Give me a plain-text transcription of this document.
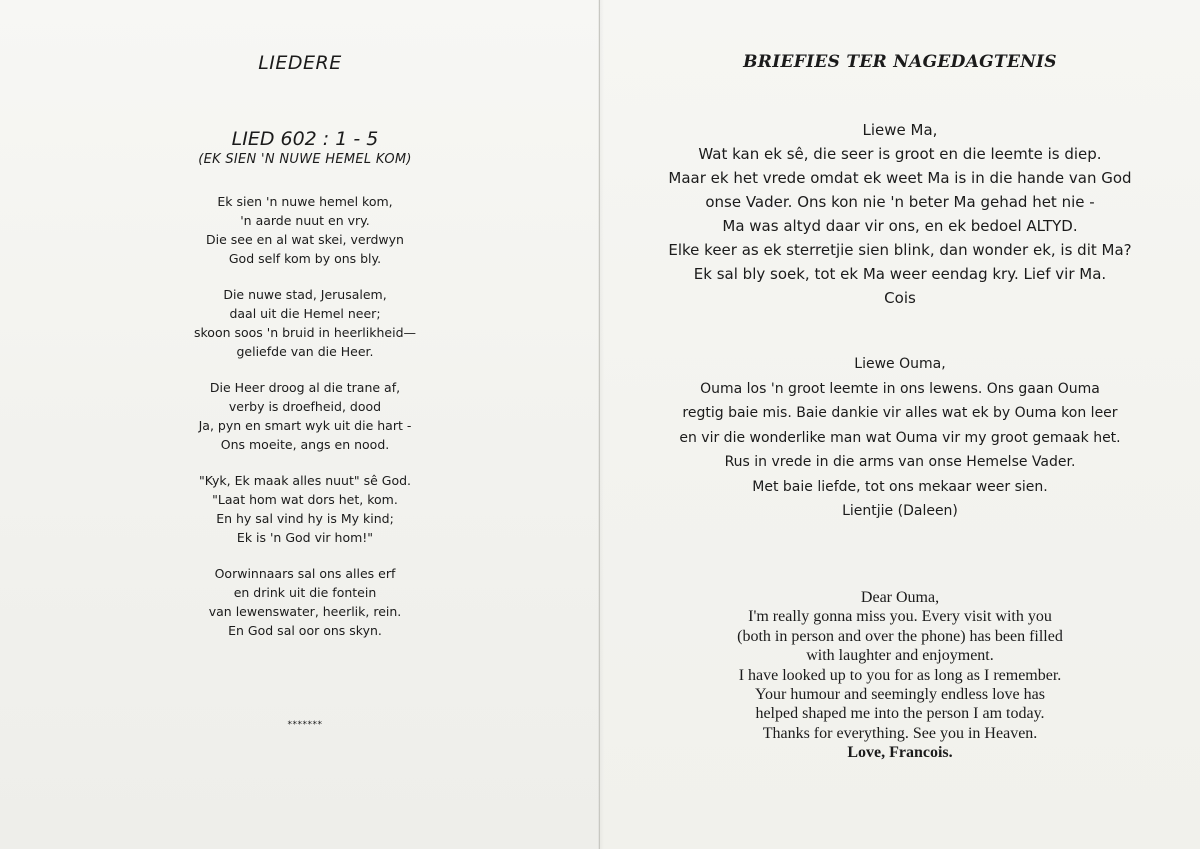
LIEDERE
LIED 602 : 1 - 5
(EK SIEN 'N NUWE HEMEL KOM)
Ek sien 'n nuwe hemel kom,
'n aarde nuut en vry.
Die see en al wat skei, verdwyn
God self kom by ons bly.
Die nuwe stad, Jerusalem,
daal uit die Hemel neer;
skoon soos 'n bruid in heerlikheid—
geliefde van die Heer.
Die Heer droog al die trane af,
verby is droefheid, dood
Ja, pyn en smart wyk uit die hart -
Ons moeite, angs en nood.
"Kyk, Ek maak alles nuut" sê God.
"Laat hom wat dors het, kom.
En hy sal vind hy is My kind;
Ek is 'n God vir hom!"
Oorwinnaars sal ons alles erf
en drink uit die fontein
van lewenswater, heerlik, rein.
En God sal oor ons skyn.
*******
BRIEFIES TER NAGEDAGTENIS
Liewe Ma,
Wat kan ek sê, die seer is groot en die leemte is diep.
Maar ek het vrede omdat ek weet Ma is in die hande van God
onse Vader. Ons kon nie 'n beter Ma gehad het nie -
Ma was altyd daar vir ons, en ek bedoel ALTYD.
Elke keer as ek sterretjie sien blink, dan wonder ek, is dit Ma?
Ek sal bly soek, tot ek Ma weer eendag kry. Lief vir Ma.
Cois
Liewe Ouma,
Ouma los 'n groot leemte in ons lewens. Ons gaan Ouma
regtig baie mis. Baie dankie vir alles wat ek by Ouma kon leer
en vir die wonderlike man wat Ouma vir my groot gemaak het.
Rus in vrede in die arms van onse Hemelse Vader.
Met baie liefde, tot ons mekaar weer sien.
Lientjie (Daleen)
Dear Ouma,
I'm really gonna miss you. Every visit with you
(both in person and over the phone) has been filled
with laughter and enjoyment.
I have looked up to you for as long as I remember.
Your humour and seemingly endless love has
helped shaped me into the person I am today.
Thanks for everything. See you in Heaven.
Love, Francois.
